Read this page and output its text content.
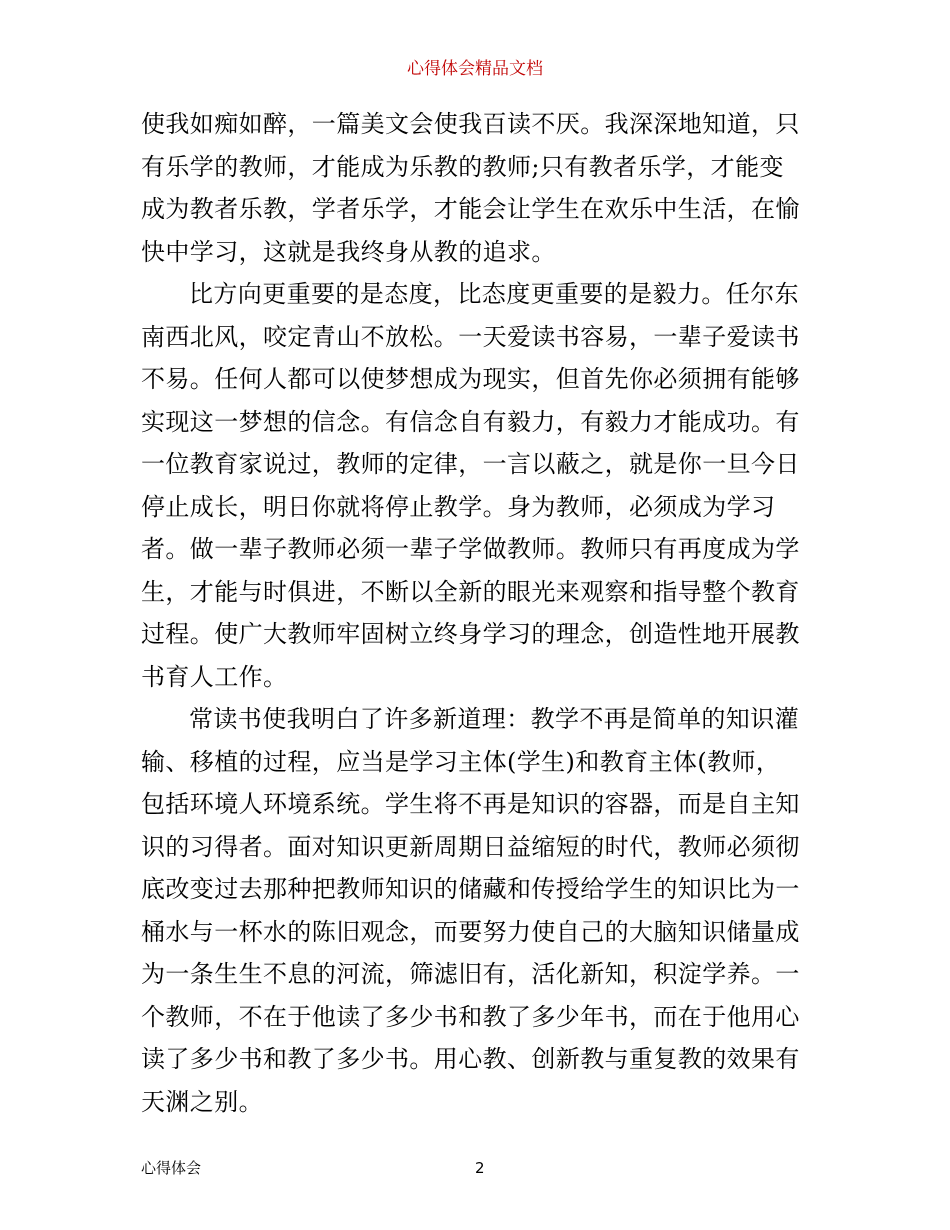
心得体会精品文档
使我如痴如醉，一篇美文会使我百读不厌。我深深地知道，只
有乐学的教师，才能成为乐教的教师;只有教者乐学，才能变
成为教者乐教，学者乐学，才能会让学生在欢乐中生活，在愉
快中学习，这就是我终身从教的追求。
比方向更重要的是态度，比态度更重要的是毅力。任尔东
南西北风，咬定青山不放松。一天爱读书容易，一辈子爱读书
不易。任何人都可以使梦想成为现实，但首先你必须拥有能够
实现这一梦想的信念。有信念自有毅力，有毅力才能成功。有
一位教育家说过，教师的定律，一言以蔽之，就是你一旦今日
停止成长，明日你就将停止教学。身为教师，必须成为学习
者。做一辈子教师必须一辈子学做教师。教师只有再度成为学
生，才能与时俱进，不断以全新的眼光来观察和指导整个教育
过程。使广大教师牢固树立终身学习的理念，创造性地开展教
书育人工作。
常读书使我明白了许多新道理：教学不再是简单的知识灌
输、移植的过程，应当是学习主体(学生)和教育主体(教师，
包括环境人环境系统。学生将不再是知识的容器，而是自主知
识的习得者。面对知识更新周期日益缩短的时代，教师必须彻
底改变过去那种把教师知识的储藏和传授给学生的知识比为一
桶水与一杯水的陈旧观念，而要努力使自己的大脑知识储量成
为一条生生不息的河流，筛滤旧有，活化新知，积淀学养。一
个教师，不在于他读了多少书和教了多少年书，而在于他用心
读了多少书和教了多少书。用心教、创新教与重复教的效果有
天渊之别。
心得体会	2
